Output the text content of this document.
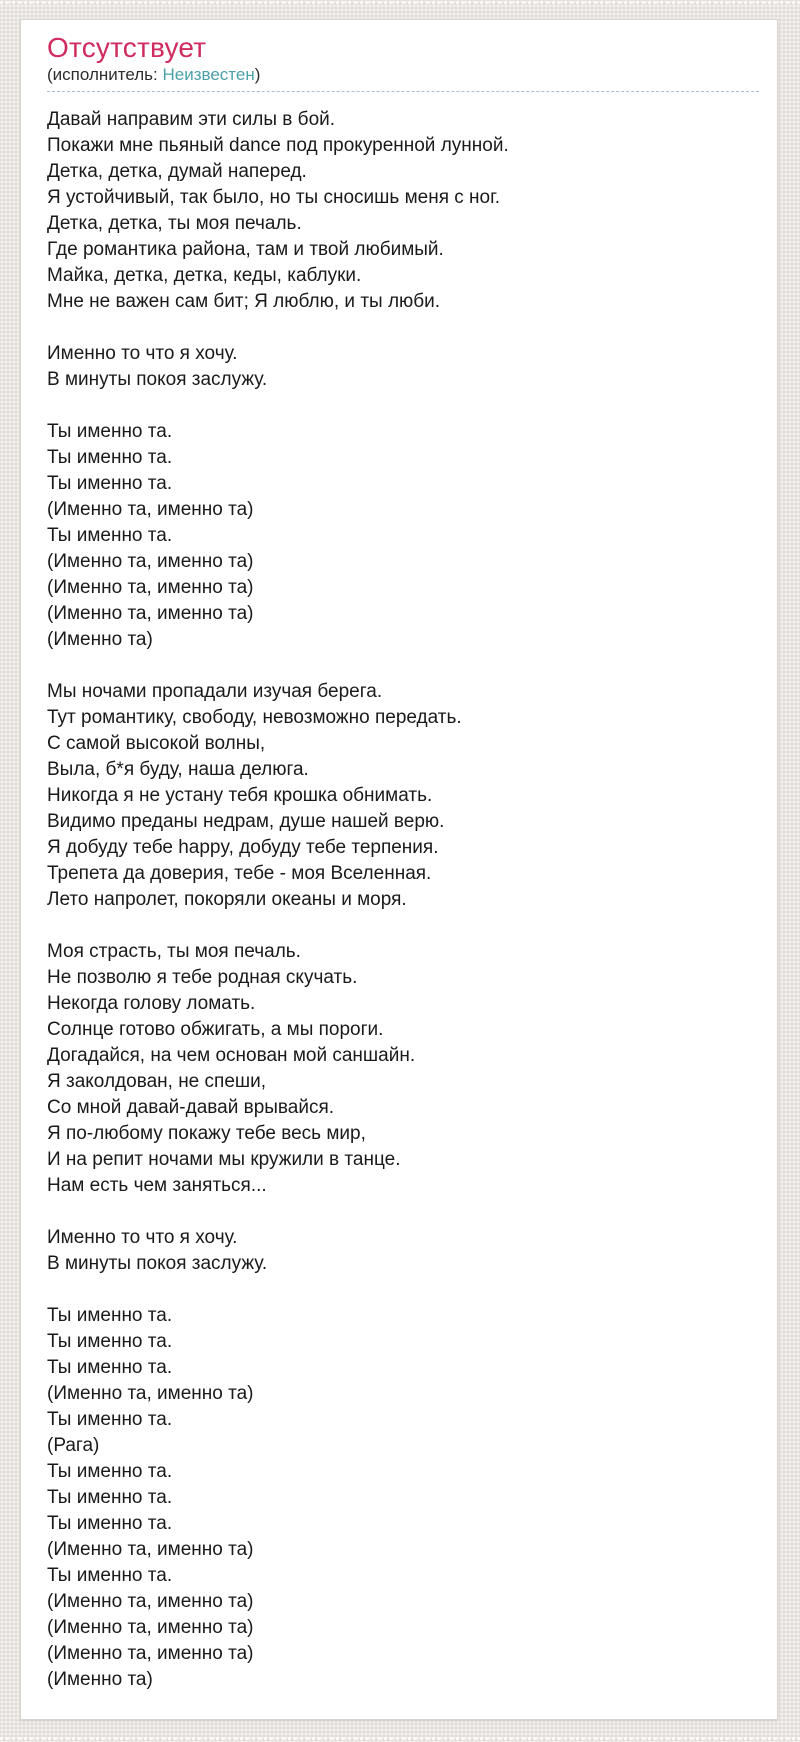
Отсутствует
(исполнитель: Неизвестен)
Давай направим эти силы в бой.
Покажи мне пьяный dance под прокуренной лунной.
Детка, детка, думай наперед.
Я устойчивый, так было, но ты сносишь меня с ног.
Детка, детка, ты моя печаль.
Где романтика района, там и твой любимый.
Майка, детка, детка, кеды, каблуки.
Мне не важен сам бит; Я люблю, и ты люби.
Именно то что я хочу.
В минуты покоя заслужу.
Ты именно та.
Ты именно та.
Ты именно та.
(Именно та, именно та)
Ты именно та.
(Именно та, именно та)
(Именно та, именно та)
(Именно та, именно та)
(Именно та)
Мы ночами пропадали изучая берега.
Тут романтику, свободу, невозможно передать.
С самой высокой волны,
Выла, б*я буду, наша делюга.
Никогда я не устану тебя крошка обнимать.
Видимо преданы недрам, душе нашей верю.
Я добуду тебе happy, добуду тебе терпения.
Трепета да доверия, тебе - моя Вселенная.
Лето напролет, покоряли океаны и моря.
Моя страсть, ты моя печаль.
Не позволю я тебе родная скучать.
Некогда голову ломать.
Солнце готово обжигать, а мы пороги.
Догадайся, на чем основан мой саншайн.
Я заколдован, не спеши,
Со мной давай-давай врывайся.
Я по-любому покажу тебе весь мир,
И на репит ночами мы кружили в танце.
Нам есть чем заняться...
Именно то что я хочу.
В минуты покоя заслужу.
Ты именно та.
Ты именно та.
Ты именно та.
(Именно та, именно та)
Ты именно та.
(Рага)
Ты именно та.
Ты именно та.
Ты именно та.
(Именно та, именно та)
Ты именно та.
(Именно та, именно та)
(Именно та, именно та)
(Именно та, именно та)
(Именно та)
